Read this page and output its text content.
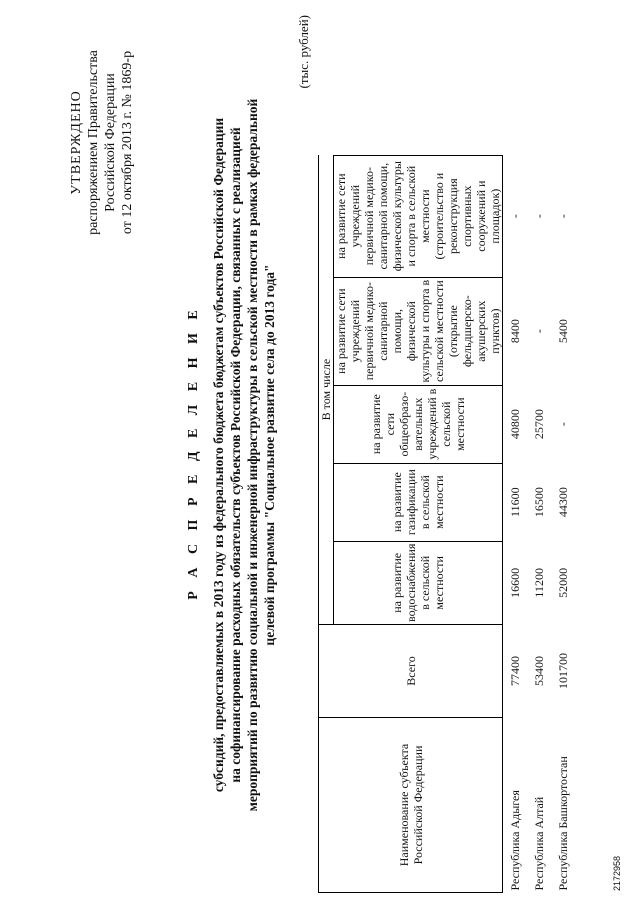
УТВЕРЖДЕНО распоряжением Правительства Российской Федерации от 12 октября 2013 г. № 1869-р
Р А С П Р Е Д Е Л Е Н И Е субсидий, предоставляемых в 2013 году из федерального бюджета бюджетам субъектов Российской Федерации на софинансирование расходных обязательств субъектов Российской Федерации, связанных с реализацией мероприятий по развитию социальной и инженерной инфраструктуры в сельской местности в рамках федеральной целевой программы "Социальное развитие села до 2013 года"
(тыс. рублей)
Наименование субъекта Российской Федерации	Всего	В том числе				
		на развитие водоснабжения в сельской местности	на развитие газификации в сельской местности	на развитие сети общеобразо-вательных учреждений в сельской местности	на развитие сети учреждений первичной медико-санитарной помощи, физической культуры и спорта в сельской местности (открытие фельдшерско-акушерских пунктов)	на развитие сети учреждений первичной медико-санитарной помощи, физической культуры и спорта в сельской местности (строительство и реконструкция спортивных сооружений и площадок)
Республика Адыгея	77400	16600	11600	40800	8400	-
Республика Алтай	53400	11200	16500	25700	-	-
Республика Башкортостан	101700	52000	44300	-	5400	-
2172958
